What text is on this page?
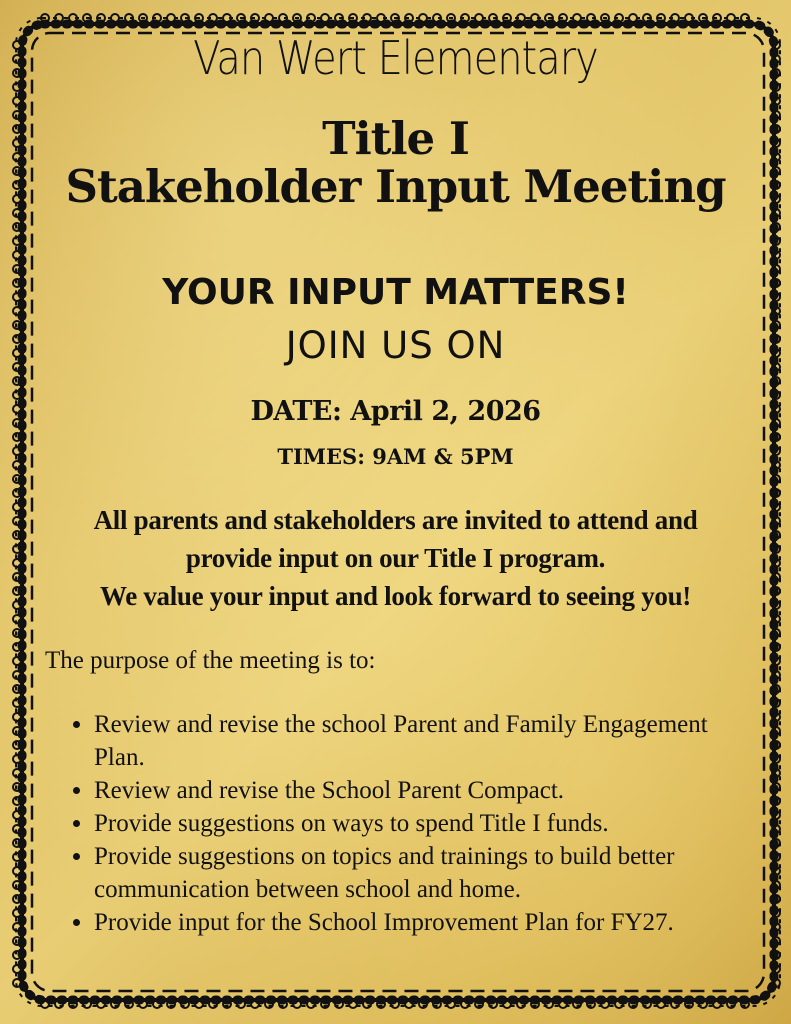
Van Wert Elementary
Title I
Stakeholder Input Meeting
YOUR INPUT MATTERS!
JOIN US ON
DATE: April 2, 2026
TIMES: 9AM & 5PM
All parents and stakeholders are invited to attend and
provide input on our Title I program.
We value your input and look forward to seeing you!
The purpose of the meeting is to:
• Review and revise the school Parent and Family Engagement Plan.
• Review and revise the School Parent Compact.
• Provide suggestions on ways to spend Title I funds.
• Provide suggestions on topics and trainings to build better communication between school and home.
• Provide input for the School Improvement Plan for FY27.
